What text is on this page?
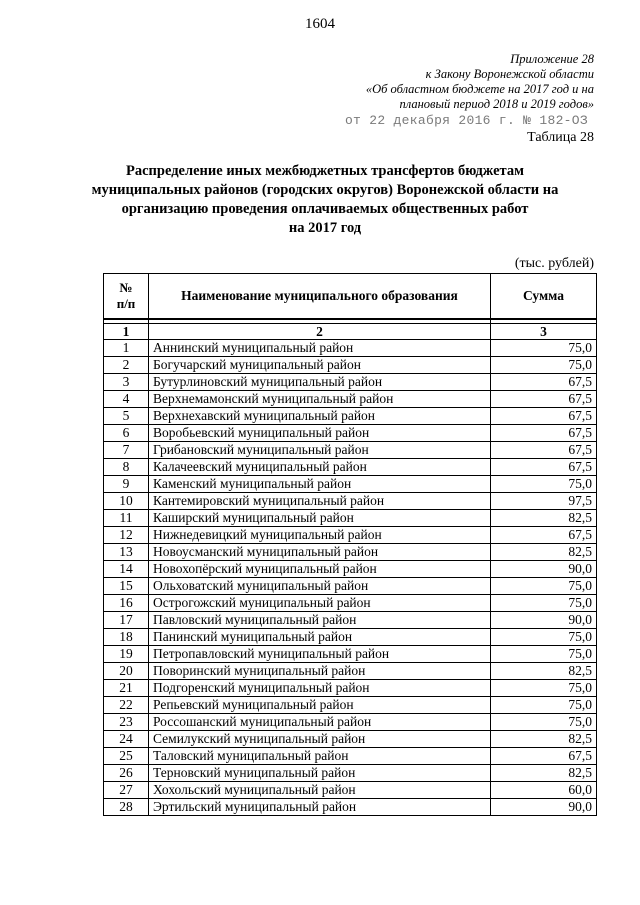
1604
Приложение 28
к Закону Воронежской области
«Об областном бюджете на 2017 год и на
плановый период 2018 и 2019 годов»
от 22 декабря 2016 г. № 182-ОЗ
Таблица 28
Распределение иных межбюджетных трансфертов бюджетам
муниципальных районов (городских округов) Воронежской области на
организацию проведения оплачиваемых общественных работ
на 2017 год
(тыс. рублей)
№
п/п	Наименование муниципального образования	Сумма

1	2	3
1	Аннинский муниципальный район	75,0
2	Богучарский муниципальный район	75,0
3	Бутурлиновский муниципальный район	67,5
4	Верхнемамонский муниципальный район	67,5
5	Верхнехавский муниципальный район	67,5
6	Воробьевский муниципальный район	67,5
7	Грибановский муниципальный район	67,5
8	Калачеевский муниципальный район	67,5
9	Каменский муниципальный район	75,0
10	Кантемировский муниципальный район	97,5
11	Каширский муниципальный район	82,5
12	Нижнедевицкий муниципальный район	67,5
13	Новоусманский муниципальный район	82,5
14	Новохопёрский муниципальный район	90,0
15	Ольховатский муниципальный район	75,0
16	Острогожский муниципальный район	75,0
17	Павловский муниципальный район	90,0
18	Панинский муниципальный район	75,0
19	Петропавловский муниципальный район	75,0
20	Поворинский муниципальный район	82,5
21	Подгоренский муниципальный район	75,0
22	Репьевский муниципальный район	75,0
23	Россошанский муниципальный район	75,0
24	Семилукский муниципальный район	82,5
25	Таловский муниципальный район	67,5
26	Терновский муниципальный район	82,5
27	Хохольский муниципальный район	60,0
28	Эртильский муниципальный район	90,0
